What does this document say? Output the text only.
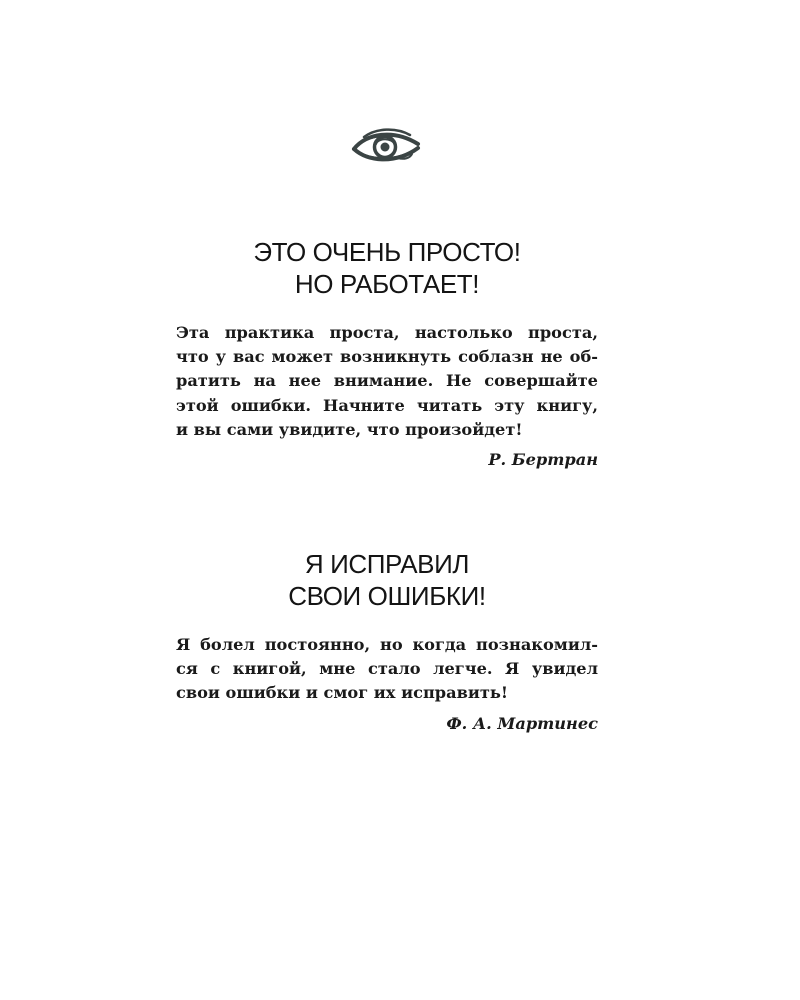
ЭТО ОЧЕНЬ ПРОСТО!
НО РАБОТАЕТ!

Эта практика проста, настолько проста,
что у вас может возникнуть соблазн не об-
ратить на нее внимание. Не совершайте
этой ошибки. Начните читать эту книгу,
и вы сами увидите, что произойдет!

Р. Бертран
Я ИСПРАВИЛ
СВОИ ОШИБКИ!

Я болел постоянно, но когда познакомил-
ся с книгой, мне стало легче. Я увидел
свои ошибки и смог их исправить!

Ф. А. Мартинес
